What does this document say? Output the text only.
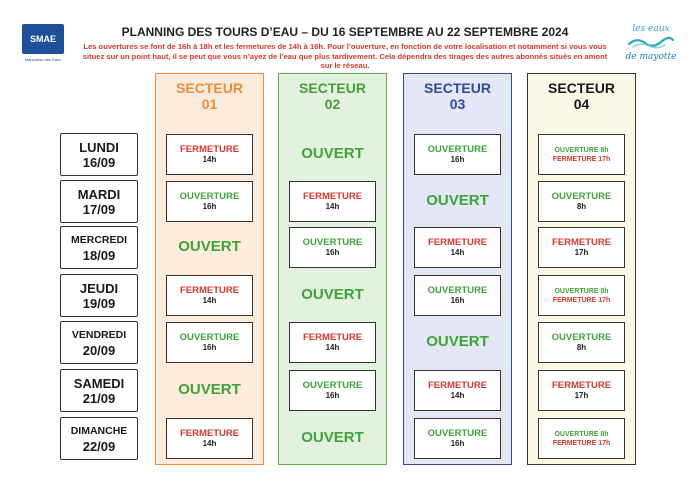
SMAE
Mahoraise des Eaux
les eaux
de mayotte
PLANNING DES TOURS D’EAU – DU 16 SEPTEMBRE AU 22 SEPTEMBRE 2024
Les ouvertures se font de 16h à 18h et les fermetures de 14h à 16h. Pour l’ouverture, en fonction de votre localisation et notamment si vous vous situez sur un point haut, il se peut que vous n’ayez de l’eau que plus tardivement. Cela dépendra des tirages des autres abonnés situés en amont sur le réseau.
LUNDI
16/09
MARDI
17/09
MERCREDI
18/09
JEUDI
19/09
VENDREDI
20/09
SAMEDI
21/09
DIMANCHE
22/09
SECTEUR
01
SECTEUR
02
SECTEUR
03
SECTEUR
04
FERMETURE
14h
OUVERTURE
16h
OUVERT
FERMETURE
14h
OUVERTURE
16h
OUVERT
FERMETURE
14h
OUVERT
FERMETURE
14h
OUVERTURE
16h
OUVERT
FERMETURE
14h
OUVERTURE
16h
OUVERT
OUVERTURE
16h
OUVERT
FERMETURE
14h
OUVERTURE
16h
OUVERT
FERMETURE
14h
OUVERTURE
16h
OUVERTURE 8h
FERMETURE 17h
OUVERTURE
8h
FERMETURE
17h
OUVERTURE 8h
FERMETURE 17h
OUVERTURE
8h
FERMETURE
17h
OUVERTURE 8h
FERMETURE 17h
